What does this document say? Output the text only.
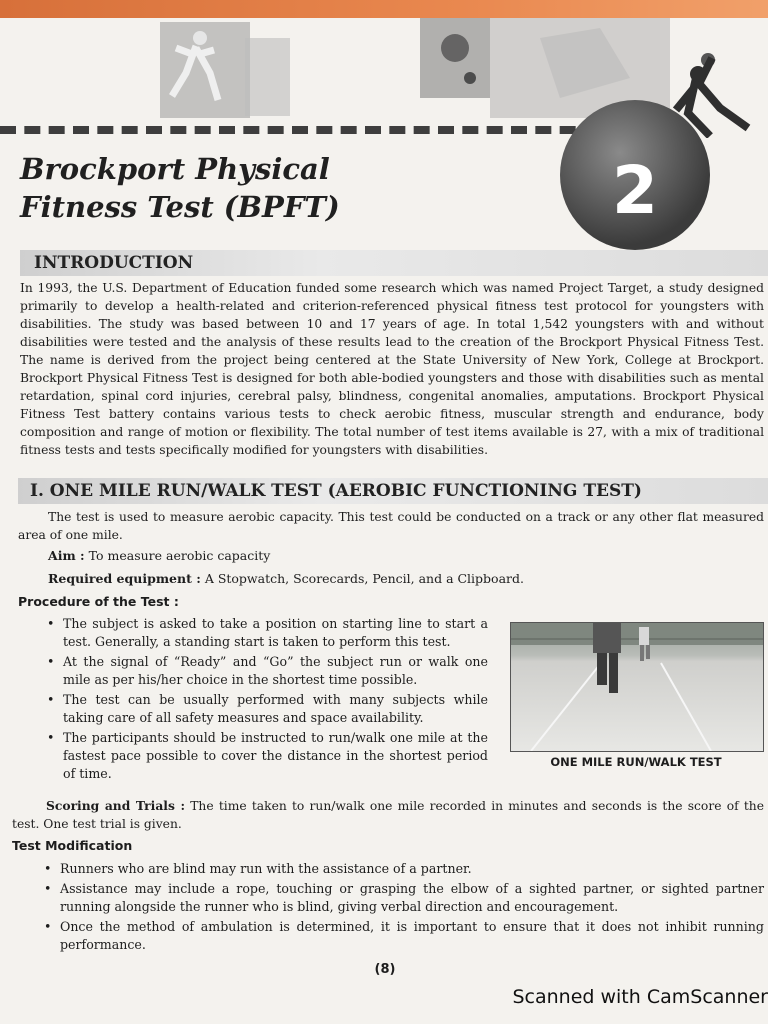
2
Brockport Physical Fitness Test (BPFT)
INTRODUCTION
In 1993, the U.S. Department of Education funded some research which was named Project Target, a study designed primarily to develop a health-related and criterion-referenced physical fitness test protocol for youngsters with disabilities. The study was based between 10 and 17 years of age. In total 1,542 youngsters with and without disabilities were tested and the analysis of these results lead to the creation of the Brockport Physical Fitness Test. The name is derived from the project being centered at the State University of New York, College at Brockport. Brockport Physical Fitness Test is designed for both able-bodied youngsters and those with disabilities such as mental retardation, spinal cord injuries, cerebral palsy, blindness, congenital anomalies, amputations. Brockport Physical Fitness Test battery contains various tests to check aerobic fitness, muscular strength and endurance, body composition and range of motion or flexibility. The total number of test items available is 27, with a mix of traditional fitness tests and tests specifically modified for youngsters with disabilities.
I. ONE MILE RUN/WALK TEST (AEROBIC FUNCTIONING TEST)
The test is used to measure aerobic capacity. This test could be conducted on a track or any other flat measured area of one mile.
Aim : To measure aerobic capacity
Required equipment : A Stopwatch, Scorecards, Pencil, and a Clipboard.
Procedure of the Test :
• The subject is asked to take a position on starting line to start a test. Generally, a standing start is taken to perform this test.
• At the signal of “Ready” and “Go” the subject run or walk one mile as per his/her choice in the shortest time possible.
• The test can be usually performed with many subjects while taking care of all safety measures and space availability.
• The participants should be instructed to run/walk one mile at the fastest pace possible to cover the distance in the shortest period of time.
ONE MILE RUN/WALK TEST
Scoring and Trials : The time taken to run/walk one mile recorded in minutes and seconds is the score of the test. One test trial is given.
Test Modification
• Runners who are blind may run with the assistance of a partner.
• Assistance may include a rope, touching or grasping the elbow of a sighted partner, or sighted partner running alongside the runner who is blind, giving verbal direction and encouragement.
• Once the method of ambulation is determined, it is important to ensure that it does not inhibit running performance.
(8)
Scanned with CamScanner
